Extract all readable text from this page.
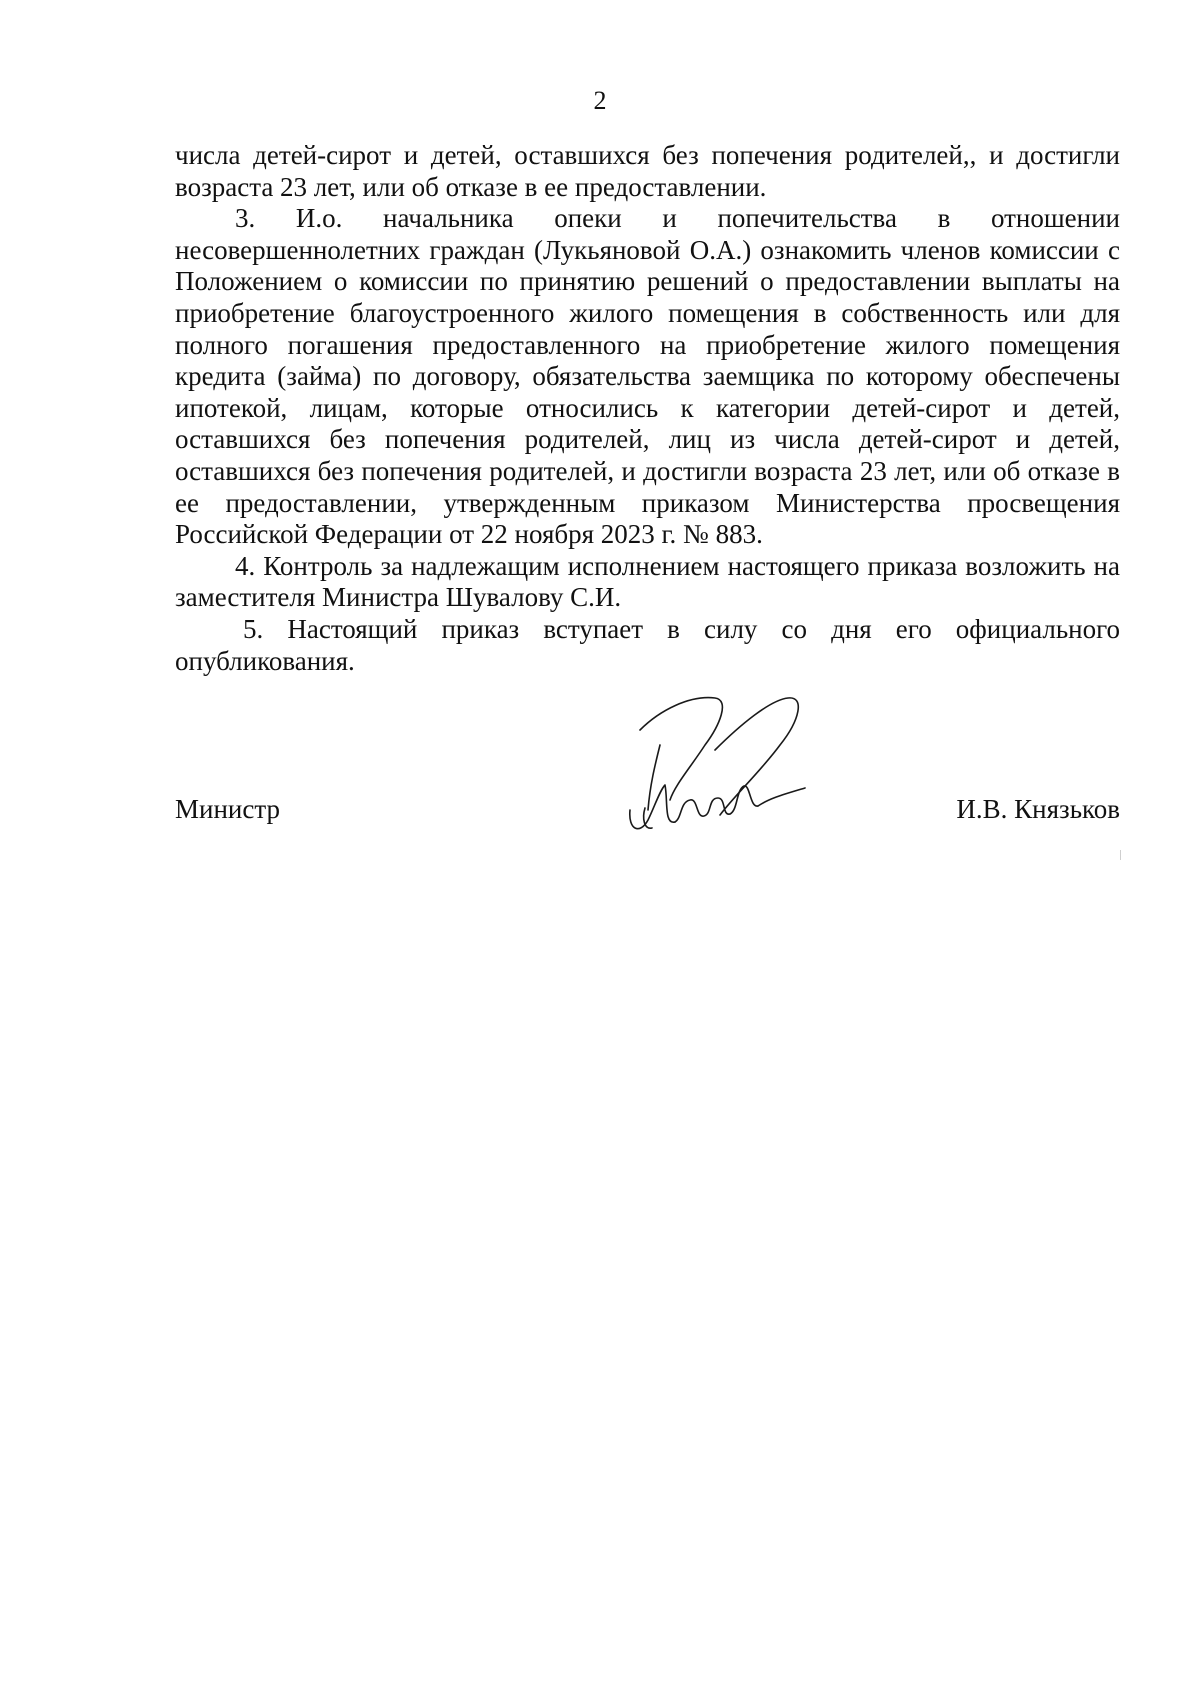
2

числа детей-сирот и детей, оставшихся без попечения родителей,, и достигли возраста 23 лет, или об отказе в ее предоставлении.

3. И.о. начальника опеки и попечительства в отношении несовершеннолетних граждан (Лукьяновой О.А.) ознакомить членов комиссии с Положением о комиссии по принятию решений о предоставлении выплаты на приобретение благоустроенного жилого помещения в собственность или для полного погашения предоставленного на приобретение жилого помещения кредита (займа) по договору, обязательства заемщика по которому обеспечены ипотекой, лицам, которые относились к категории детей-сирот и детей, оставшихся без попечения родителей, лиц из числа детей-сирот и детей, оставшихся без попечения родителей, и достигли возраста 23 лет, или об отказе в ее предоставлении, утвержденным приказом Министерства просвещения Российской Федерации от 22 ноября 2023 г. № 883.

4. Контроль за надлежащим исполнением настоящего приказа возложить на заместителя Министра Шувалову С.И.

5. Настоящий приказ вступает в силу со дня его официального опубликования.

Министр	И.В. Князьков
